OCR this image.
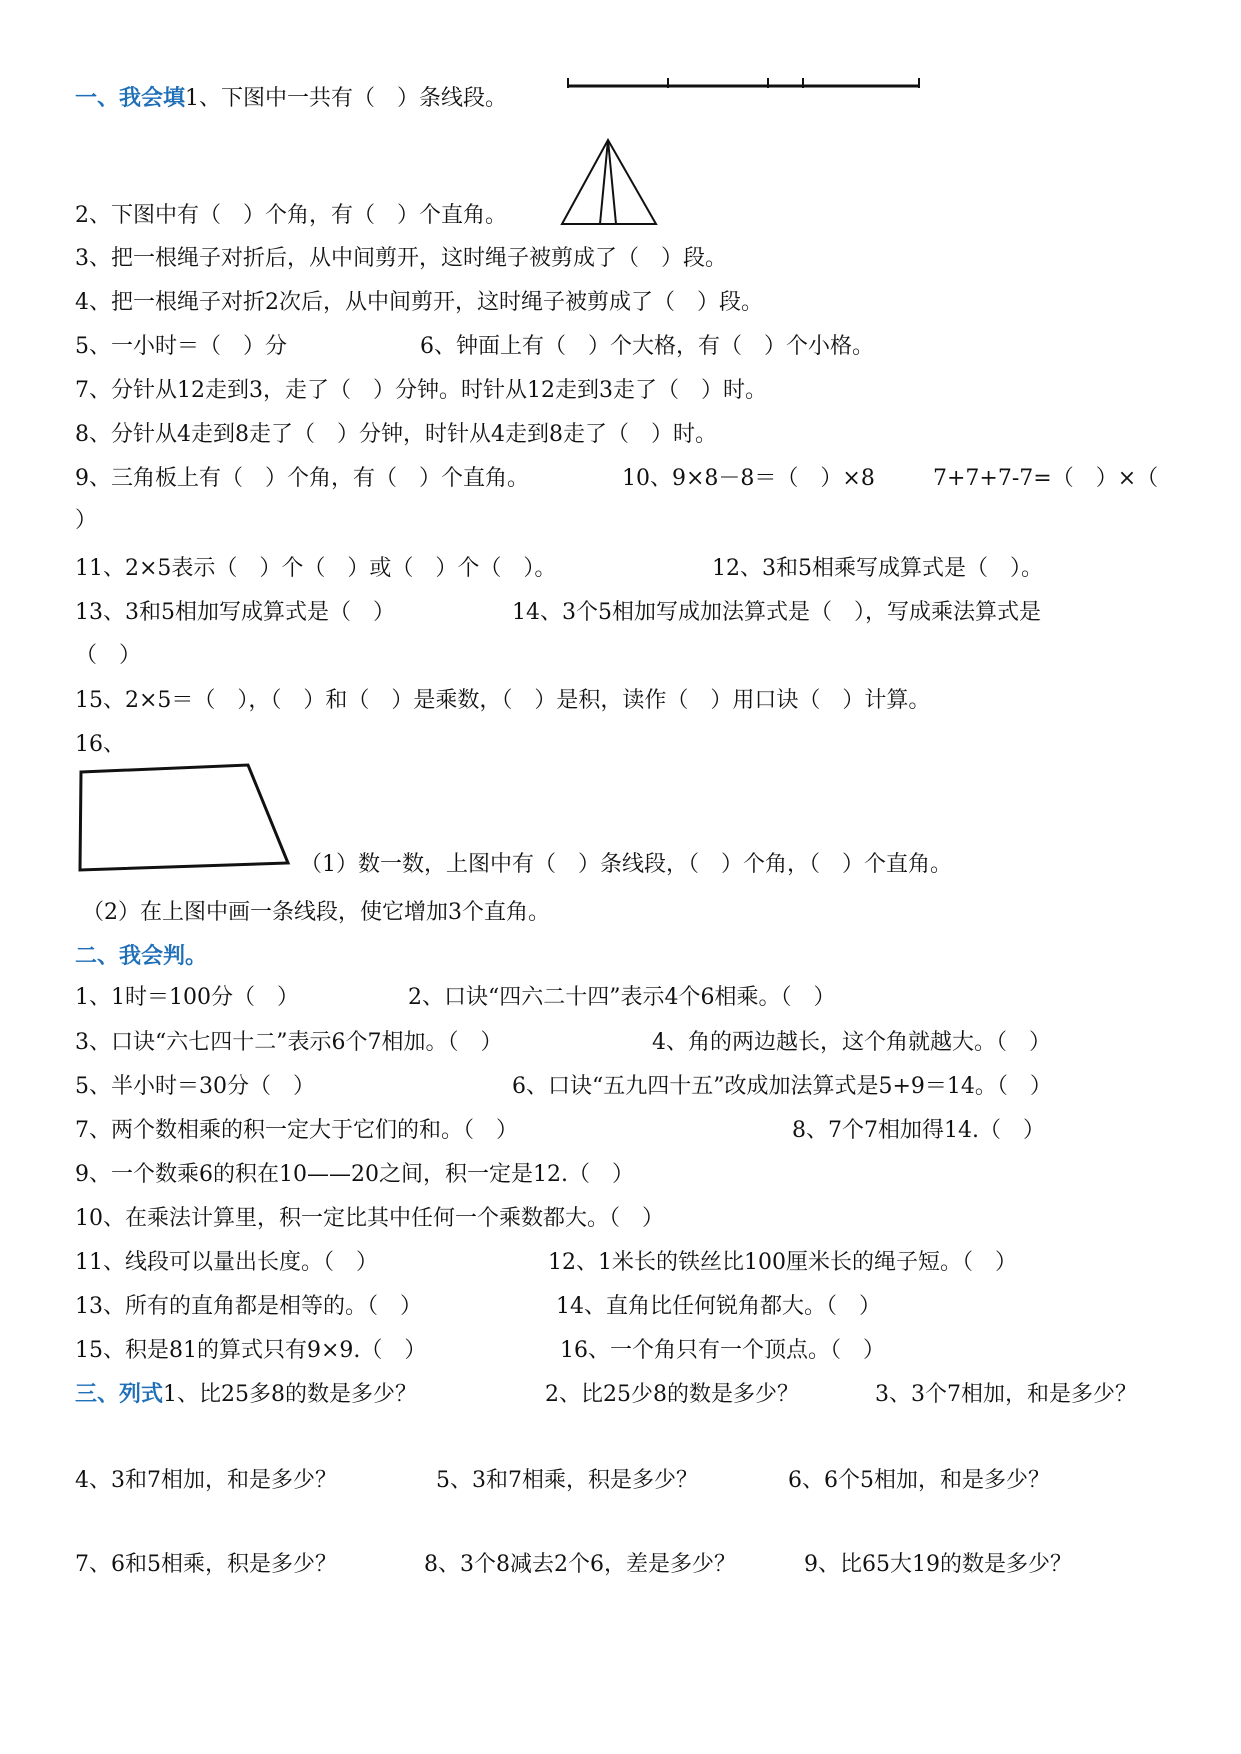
一、我会填1、下图中一共有（　）条线段。
2、下图中有（　）个角，有（　）个直角。
3、把一根绳子对折后，从中间剪开，这时绳子被剪成了（　）段。
4、把一根绳子对折2次后，从中间剪开，这时绳子被剪成了（　）段。
5、一小时＝（　）分	6、钟面上有（　）个大格，有（　）个小格。
7、分针从12走到3，走了（　）分钟。时针从12走到3走了（　）时。
8、分针从4走到8走了（　）分钟，时针从4走到8走了（　）时。
9、三角板上有（　）个角，有（　）个直角。	10、9×8－8＝（　）×8	7+7+7-7=（　）×（
）
11、2×5表示（　）个（　）或（　）个（　）。	12、3和5相乘写成算式是（　）。
13、3和5相加写成算式是（　）	14、3个5相加写成加法算式是（　），写成乘法算式是
（　）
15、2×5＝（　），（　）和（　）是乘数，（　）是积，读作（　）用口诀（　）计算。
16、
（1）数一数，上图中有（　）条线段，（　）个角，（　）个直角。
（2）在上图中画一条线段，使它增加3个直角。
二、我会判。
1、1时＝100分（　）	2、口诀“四六二十四”表示4个6相乘。（　）
3、口诀“六七四十二”表示6个7相加。（　）	4、角的两边越长，这个角就越大。（　）
5、半小时＝30分（　）	6、口诀“五九四十五”改成加法算式是5+9＝14。（　）
7、两个数相乘的积一定大于它们的和。（　）	8、7个7相加得14.（　）
9、一个数乘6的积在10——20之间，积一定是12.（　）
10、在乘法计算里，积一定比其中任何一个乘数都大。（　）
11、线段可以量出长度。（　）	12、1米长的铁丝比100厘米长的绳子短。（　）
13、所有的直角都是相等的。（　）	14、直角比任何锐角都大。（　）
15、积是81的算式只有9×9.（　）	16、一个角只有一个顶点。（　）
三、列式1、比25多8的数是多少？	2、比25少8的数是多少？	3、3个7相加，和是多少？
4、3和7相加，和是多少？	5、3和7相乘，积是多少？	6、6个5相加，和是多少？
7、6和5相乘，积是多少？	8、3个8减去2个6，差是多少？	9、比65大19的数是多少？
